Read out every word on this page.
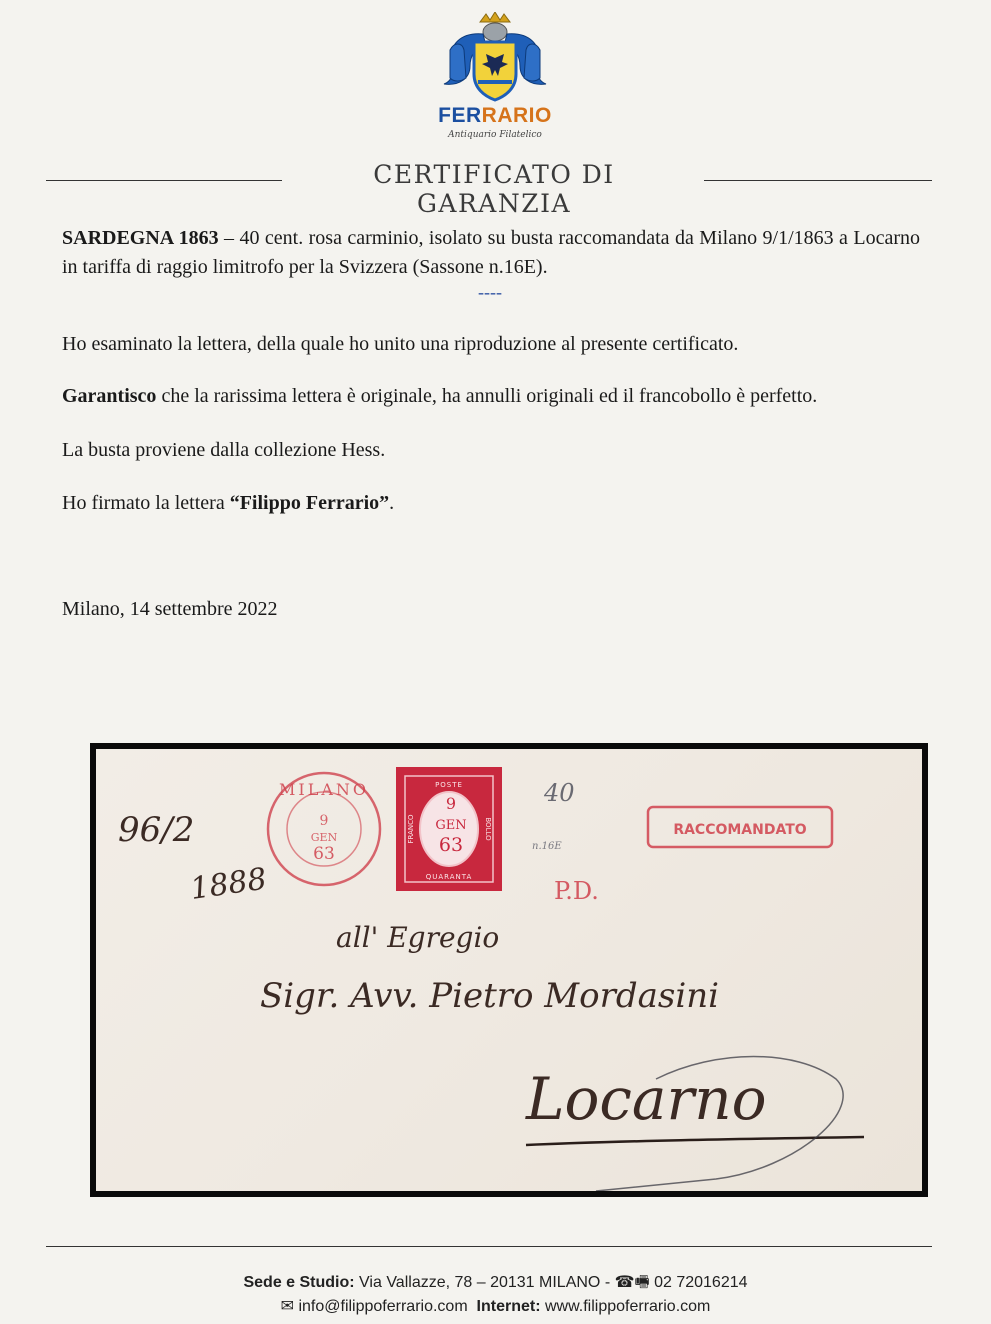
FERRARIO
Antiquario Filatelico
CERTIFICATO DI GARANZIA
SARDEGNA 1863 – 40 cent. rosa carminio, isolato su busta raccomandata da Milano 9/1/1863 a Locarno in tariffa di raggio limitrofo per la Svizzera (Sassone n.16E).
----
Ho esaminato la lettera, della quale ho unito una riproduzione al presente certificato.
Garantisco che la rarissima lettera è originale, ha annulli originali ed il francobollo è perfetto.
La busta proviene dalla collezione Hess.
Ho firmato la lettera “Filippo Ferrario”.
Milano, 14 settembre 2022
MILANO
9
GEN
63
POSTE
FRANCO	BOLLO
QUARANTA
9
GEN
63
40
n.16E
P.D.
RACCOMANDATO
96/2
1888
all' Egregio
Sigr. Avv. Pietro Mordasini
Locarno
Sede e Studio: Via Vallazze, 78 – 20131 MILANO - ☎🖷 02 72016214
✉ info@filippoferrario.com Internet: www.filippoferrario.com
